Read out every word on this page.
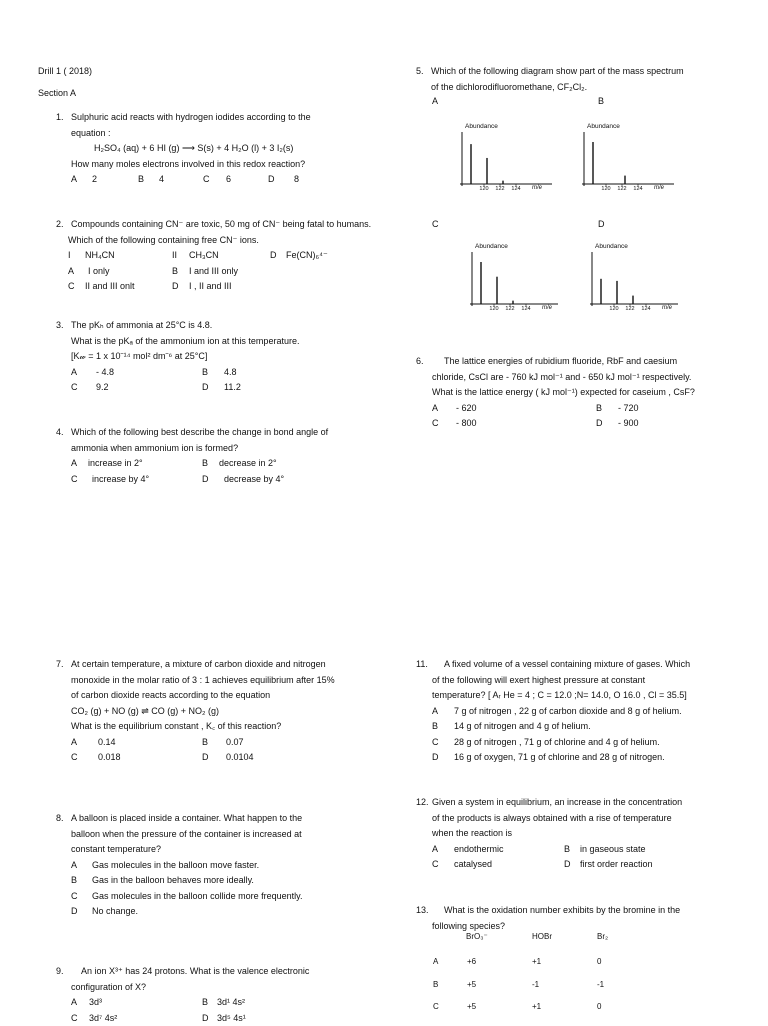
Drill 1 ( 2018)
Section A
1. Sulphuric acid reacts with hydrogen iodides according to the
equation :
H₂SO₄ (aq) + 6 HI (g) ⟶ S(s) + 4 H₂O (l) + 3 I₂(s)
How many moles electrons involved in this redox reaction?
A 2	B 4	C 6	D 8
2. Compounds containing CN⁻ are toxic, 50 mg of CN⁻ being fatal to humans.
Which of the following containing free CN⁻ ions.
I NH₄CN	II CH₃CN	D Fe(CN)₆⁴⁻
A I only	B I and III only
C II and III onlt	D I , II and III
3. The pKₕ of ammonia at 25°C is 4.8.
What is the pKₐ of the ammonium ion at this temperature.
[K𝓌 = 1 x 10⁻¹⁴ mol² dm⁻⁶ at 25°C]
A - 4.8	B 4.8
C 9.2	D 11.2
4. Which of the following best describe the change in bond angle of
ammonia when ammonium ion is formed?
A increase in 2°	B decrease in 2°
C increase by 4°	D decrease by 4°
5. Which of the following diagram show part of the mass spectrum
of the dichlorodifluoromethane, CF₂Cl₂.
A	B
C	D
Abundance
120 122 124 m/e
Abundance
120 122 124 m/e
Abundance
120 122 124 m/e
Abundance
120 122 124 m/e
6. The lattice energies of rubidium fluoride, RbF and caesium
chloride, CsCl are - 760 kJ mol⁻¹ and - 650 kJ mol⁻¹ respectively.
What is the lattice energy ( kJ mol⁻¹) expected for caseium , CsF?
A - 620	B - 720
C - 800	D - 900
7. At certain temperature, a mixture of carbon dioxide and nitrogen
monoxide in the molar ratio of 3 : 1 achieves equilibrium after 15%
of carbon dioxide reacts according to the equation
CO₂ (g) + NO (g) ⇌ CO (g) + NO₂ (g)
What is the equilibrium constant , K꜀ of this reaction?
A 0.14	B 0.07
C 0.018	D 0.0104
8. A balloon is placed inside a container. What happen to the
balloon when the pressure of the container is increased at
constant temperature?
A Gas molecules in the balloon move faster.
B Gas in the balloon behaves more ideally.
C Gas molecules in the balloon collide more frequently.
D No change.
9. An ion X³⁺ has 24 protons. What is the valence electronic
configuration of X?
A 3d³	B 3d¹ 4s²
C 3d⁷ 4s²	D 3d⁵ 4s¹
11. A fixed volume of a vessel containing mixture of gases. Which
of the following will exert highest pressure at constant
temperature? [ Aᵣ He = 4 ; C = 12.0 ;N= 14.0, O 16.0 , Cl = 35.5]
A 7 g of nitrogen , 22 g of carbon dioxide and 8 g of helium.
B 14 g of nitrogen and 4 g of helium.
C 28 g of nitrogen , 71 g of chlorine and 4 g of helium.
D 16 g of oxygen, 71 g of chlorine and 28 g of nitrogen.
12. Given a system in equilibrium, an increase in the concentration
of the products is always obtained with a rise of temperature
when the reaction is
A endothermic	B in gaseous state
C catalysed	D first order reaction
13. What is the oxidation number exhibits by the bromine in the
following species?
BrO₃⁻	HOBr	Br₂
A	+6	+1	0
B	+5	-1	-1
C	+5	+1	0
